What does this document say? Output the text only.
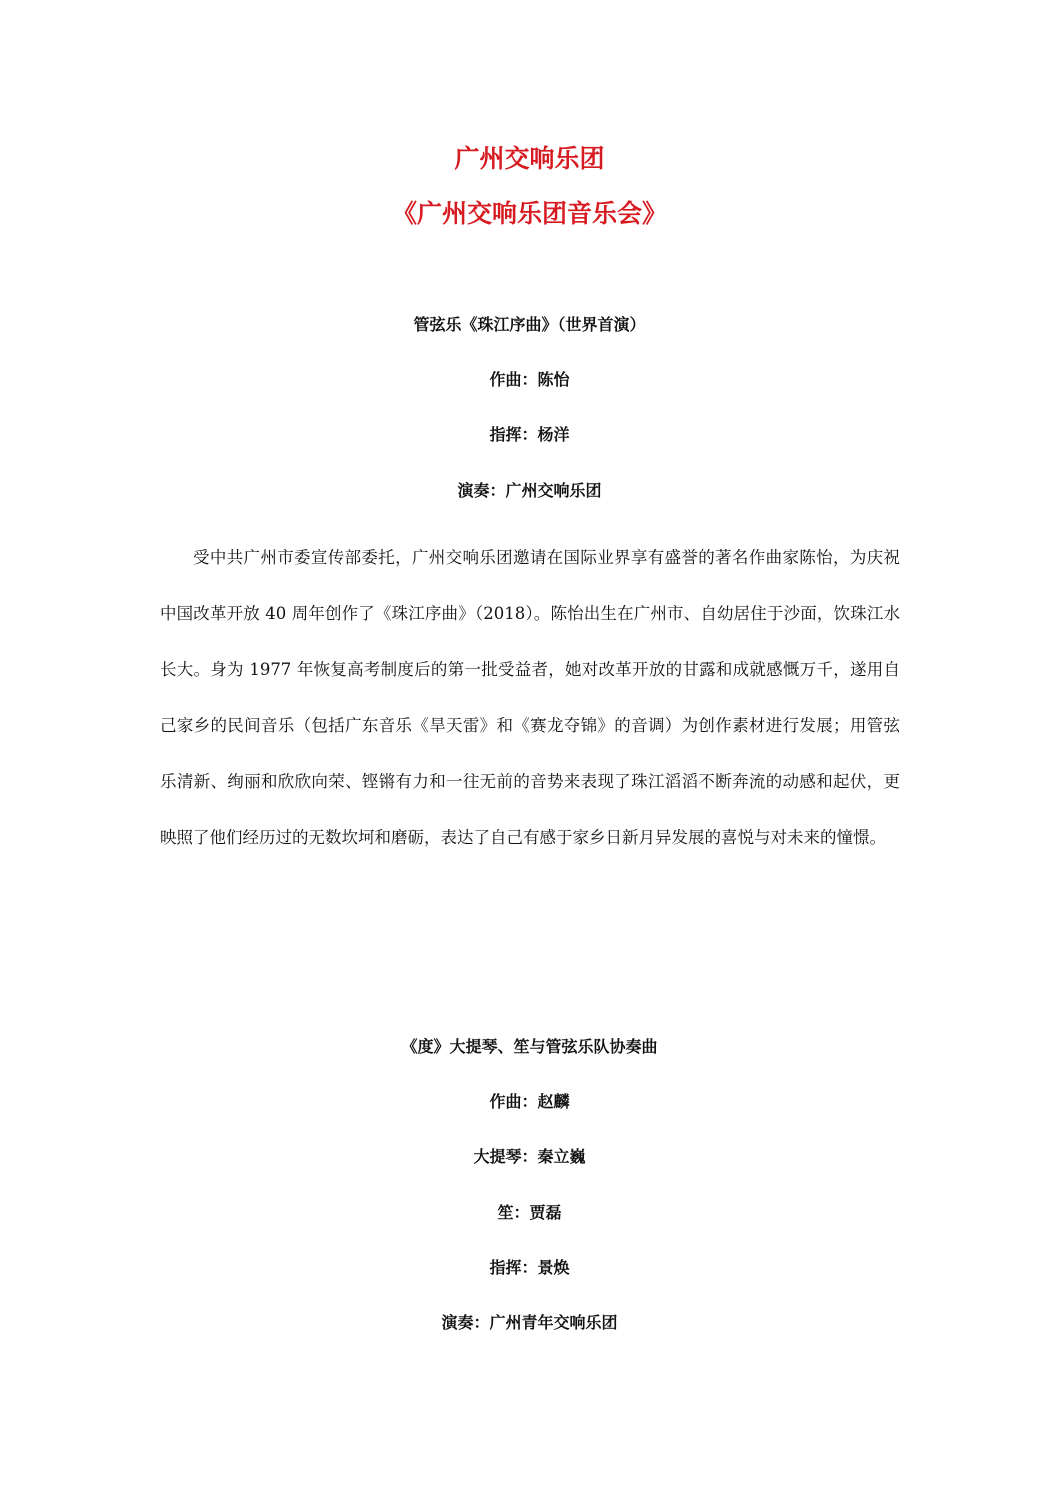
广州交响乐团
《广州交响乐团音乐会》
管弦乐《珠江序曲》（世界首演）
作曲：陈怡
指挥：杨洋
演奏：广州交响乐团

受中共广州市委宣传部委托，广州交响乐团邀请在国际业界享有盛誉的著名作曲家陈怡，为庆祝中国改革开放 40 周年创作了《珠江序曲》（2018）。陈怡出生在广州市、自幼居住于沙面，饮珠江水长大。身为 1977 年恢复高考制度后的第一批受益者，她对改革开放的甘露和成就感慨万千，遂用自己家乡的民间音乐（包括广东音乐《旱天雷》和《赛龙夺锦》的音调）为创作素材进行发展；用管弦乐清新、绚丽和欣欣向荣、铿锵有力和一往无前的音势来表现了珠江滔滔不断奔流的动感和起伏，更映照了他们经历过的无数坎坷和磨砺，表达了自己有感于家乡日新月异发展的喜悦与对未来的憧憬。

《度》大提琴、笙与管弦乐队协奏曲
作曲：赵麟
大提琴：秦立巍
笙：贾磊
指挥：景焕
演奏：广州青年交响乐团
